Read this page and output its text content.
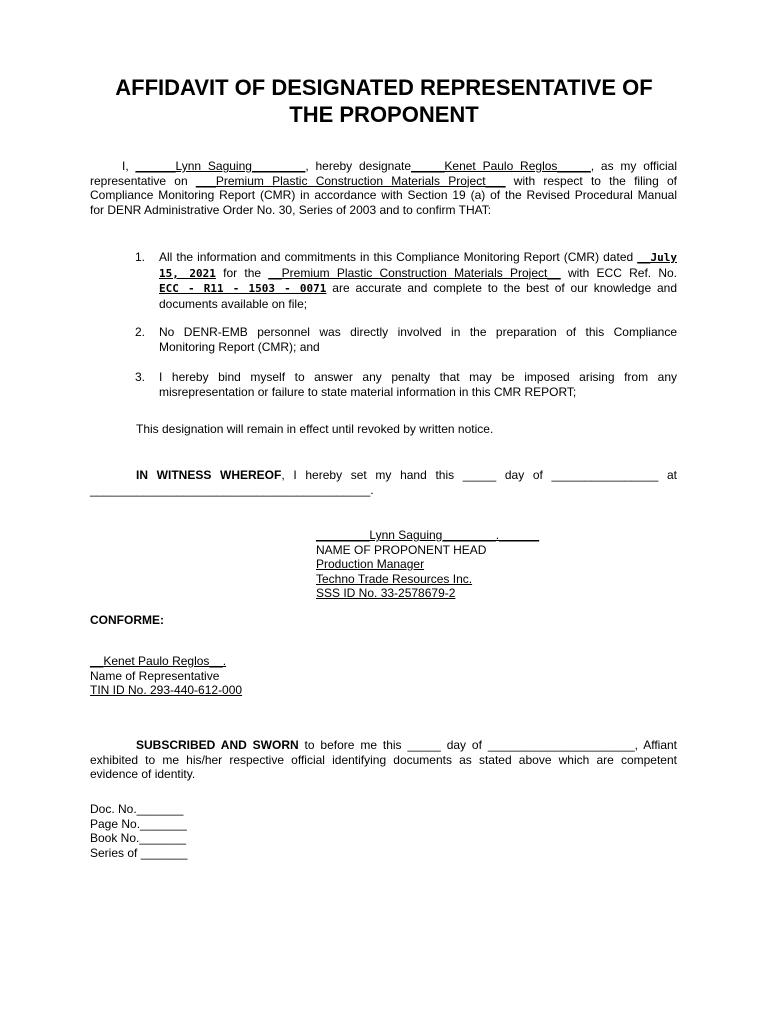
AFFIDAVIT OF DESIGNATED REPRESENTATIVE OF
THE PROPONENT
I, ______Lynn Saguing________, hereby designate_____Kenet Paulo Reglos_____, as my official
representative on ___Premium Plastic Construction Materials Project___ with respect to the filing of
Compliance Monitoring Report (CMR) in accordance with Section 19 (a) of the Revised Procedural Manual
for DENR Administrative Order No. 30, Series of 2003 and to confirm THAT:
1.	All the information and commitments in this Compliance Monitoring Report (CMR) dated __July
15, 2021 for the __Premium Plastic Construction Materials Project__ with ECC Ref. No.
ECC - R11 - 1503 - 0071 are accurate and complete to the best of our knowledge and
documents available on file;
2.	No DENR-EMB personnel was directly involved in the preparation of this Compliance
Monitoring Report (CMR); and
3.	I hereby bind myself to answer any penalty that may be imposed arising from any
misrepresentation or failure to state material information in this CMR REPORT;
This designation will remain in effect until revoked by written notice.
IN WITNESS WHEREOF, I hereby set my hand this _____ day of ________________ at
__________________________________________.
________Lynn Saguing________.______
NAME OF PROPONENT HEAD
Production Manager
Techno Trade Resources Inc.
SSS ID No. 33-2578679-2
CONFORME:
__Kenet Paulo Reglos__.
Name of Representative
TIN ID No. 293-440-612-000
SUBSCRIBED AND SWORN to before me this _____ day of ______________________, Affiant
exhibited to me his/her respective official identifying documents as stated above which are competent
evidence of identity.
Doc. No._______
Page No._______
Book No._______
Series of _______
